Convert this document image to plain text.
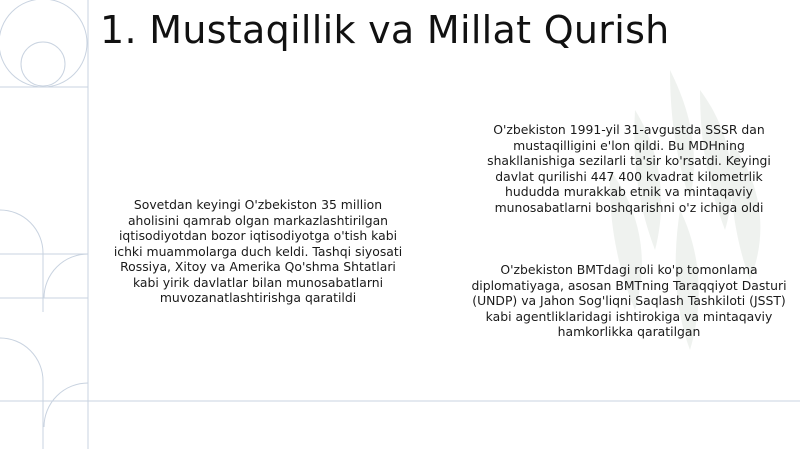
1. Mustaqillik va Millat Qurish
Sovetdan keyingi O'zbekiston 35 million aholisini qamrab olgan markazlashtirilgan iqtisodiyotdan bozor iqtisodiyotga o'tish kabi ichki muammolarga duch keldi. Tashqi siyosati Rossiya, Xitoy va Amerika Qo'shma Shtatlari kabi yirik davlatlar bilan munosabatlarni muvozanatlashtirishga qaratildi
O'zbekiston 1991-yil 31-avgustda SSSR dan mustaqilligini e'lon qildi. Bu MDHning shakllanishiga sezilarli ta'sir ko'rsatdi. Keyingi davlat qurilishi 447 400 kvadrat kilometrlik hududda murakkab etnik va mintaqaviy munosabatlarni boshqarishni o'z ichiga oldi
O'zbekiston BMTdagi roli ko'p tomonlama diplomatiyaga, asosan BMTning Taraqqiyot Dasturi (UNDP) va Jahon Sog'liqni Saqlash Tashkiloti (JSST) kabi agentliklaridagi ishtirokiga va mintaqaviy hamkorlikka qaratilgan
